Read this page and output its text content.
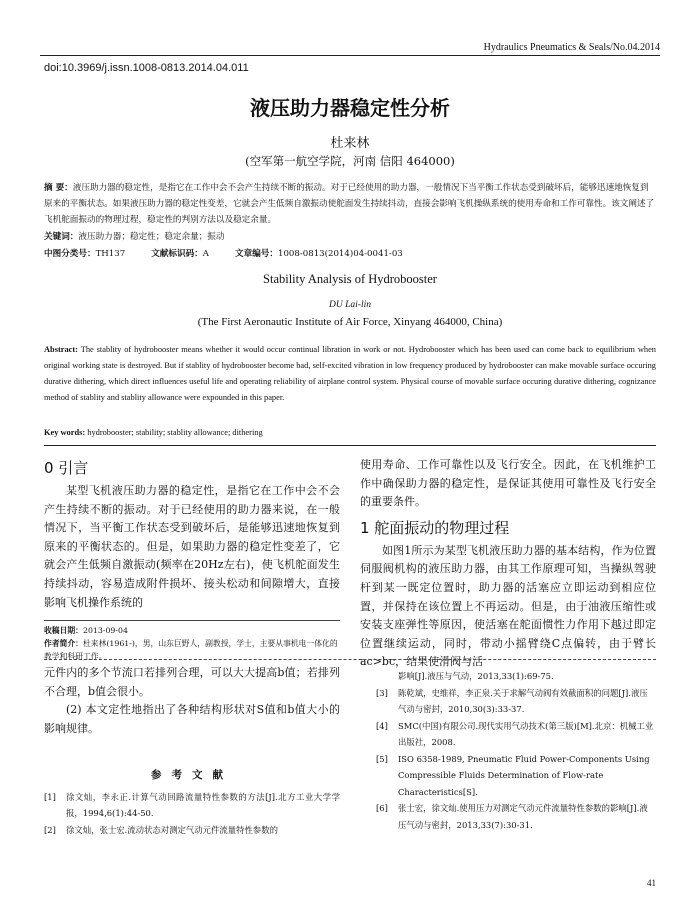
Hydraulics Pneumatics & Seals/No.04.2014
doi:10.3969/j.issn.1008-0813.2014.04.011
液压助力器稳定性分析
杜来林
(空军第一航空学院，河南 信阳 464000)
摘 要：液压助力器的稳定性，是指它在工作中会不会产生持续不断的振动。对于已经使用的助力器，一般情况下当平衡工作状态受到破坏后，能够迅速地恢复到原来的平衡状态。如果液压助力器的稳定性变差，它就会产生低频自激振动使舵面发生持续抖动，直接会影响飞机操纵系统的使用寿命和工作可靠性。该文阐述了飞机舵面振动的物理过程，稳定性的判别方法以及稳定余量。
关键词：液压助力器；稳定性；稳定余量；振动
中图分类号：TH137	文献标识码：A	文章编号：1008-0813(2014)04-0041-03
Stability Analysis of Hydrobooster
DU Lai-lin
(The First Aeronautic Institute of Air Force, Xinyang 464000, China)
Abstract: The stablity of hydrobooster means whether it would occur continual libration in work or not. Hydrobooster which has been used can come back to equilibrium when original working state is destroyed. But if stablity of hydrobooster become bad, self-excited vibration in low frequency produced by hydrobooster can make movable surface occuring durative dithering, which direct influences useful life and operating reliability of airplane control system. Physical course of movable surface occuring durative dithering, cognizance method of stablity and stablity allowance were expounded in this paper.
Key words: hydrobooster; stability; stablity allowance; dithering
0 引言

某型飞机液压助力器的稳定性，是指它在工作中会不会产生持续不断的振动。对于已经使用的助力器来说，在一般情况下，当平衡工作状态受到破坏后，是能够迅速地恢复到原来的平衡状态的。但是，如果助力器的稳定性变差了，它就会产生低频自激振动(频率在20Hz左右)，使飞机舵面发生持续抖动，容易造成附件损坏、接头松动和间隙增大，直接影响飞机操作系统的

使用寿命、工作可靠性以及飞行安全。因此，在飞机维护工作中确保助力器的稳定性，是保证其使用可靠性及飞行安全的重要条件。

1 舵面振动的物理过程

如图1所示为某型飞机液压助力器的基本结构，作为位置伺服阀机构的液压助力器，由其工作原理可知，当操纵驾驶杆到某一既定位置时，助力器的活塞应立即运动到相应位置，并保持在该位置上不再运动。但是，由于油液压缩性或安装支座弹性等原因，使活塞在舵面惯性力作用下越过即定位置继续运动，同时，带动小摇臂绕C点偏转，由于臂长ac>bc，结果使滑阀与活

收稿日期：2013-09-04
作者简介：杜来林(1961-)，男，山东巨野人，副教授，学士，主要从事机电一体化的教学和科研工作。

元件内的多个节流口若排列合理，可以大大提高b值；若排列不合理，b值会很小。

(2) 本文定性地指出了各种结构形状对S值和b值大小的影响规律。

参考文献
[1]	徐文灿，李永正.计算气动回路流量特性参数的方法[J].北方工业大学学报，1994,6(1):44-50.
[2]	徐文灿，张士宏.流动状态对测定气动元件流量特性参数的
影响[J].液压与气动，2013,33(1):69-75.
[3]	陈乾斌，史维祥，李正泉.关于求解气动阀有效截面积的问题[J].液压气动与密封，2010,30(3):33-37.
[4]	SMC(中国)有限公司.现代实用气动技术(第三版)[M].北京：机械工业出版社，2008.
[5]	ISO 6358-1989, Pneumatic Fluid Power-Components Using Compressible Fluids Determination of Flow-rate Characteristics[S].
[6]	张士宏，徐文灿.使用压力对测定气动元件流量特性参数的影响[J].液压气动与密封，2013,33(7):30-31.
41
